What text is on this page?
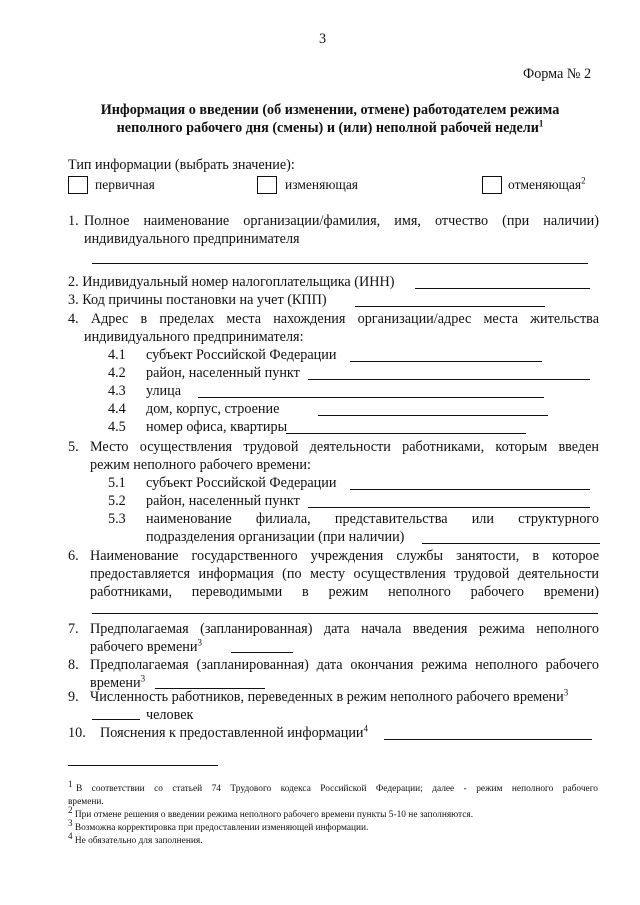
3
Форма № 2
Информация о введении (об изменении, отмене) работодателем режима
неполного рабочего дня (смены) и (или) неполной рабочей недели$^1$
Тип информации (выбрать значение):
первичная	изменяющая	отменяющая$^2$
1. Полное наименование организации/фамилия, имя, отчество (при наличии)
индивидуального предпринимателя
2. Индивидуальный номер налогоплательщика (ИНН)
3. Код причины постановки на учет (КПП)
4. Адрес в пределах места нахождения организации/адрес места жительства
индивидуального предпринимателя:
4.1 субъект Российской Федерации
4.2 район, населенный пункт
4.3 улица
4.4 дом, корпус, строение
4.5 номер офиса, квартиры
5. Место осуществления трудовой деятельности работниками, которым введен
режим неполного рабочего времени:
5.1 субъект Российской Федерации
5.2 район, населенный пункт
5.3 наименование филиала, представительства или структурного
подразделения организации (при наличии)
6. Наименование государственного учреждения службы занятости, в которое
предоставляется информация (по месту осуществления трудовой деятельности
работниками, переводимыми в режим неполного рабочего времени)
7. Предполагаемая (запланированная) дата начала введения режима неполного
рабочего времени$^3$
8. Предполагаемая (запланированная) дата окончания режима неполного рабочего
времени$^3$
9. Численность работников, переведенных в режим неполного рабочего времени$^3$
человек
10. Пояснения к предоставленной информации$^4$
$^1$
В соответствии со статьей 74 Трудового кодекса Российской Федерации; далее - режим неполного рабочего
времени.
$^2$ При отмене решения о введении режима неполного рабочего времени пункты 5-10 не заполняются.
$^3$ Возможна корректировка при предоставлении изменяющей информации.
$^4$ Не обязательно для заполнения.
